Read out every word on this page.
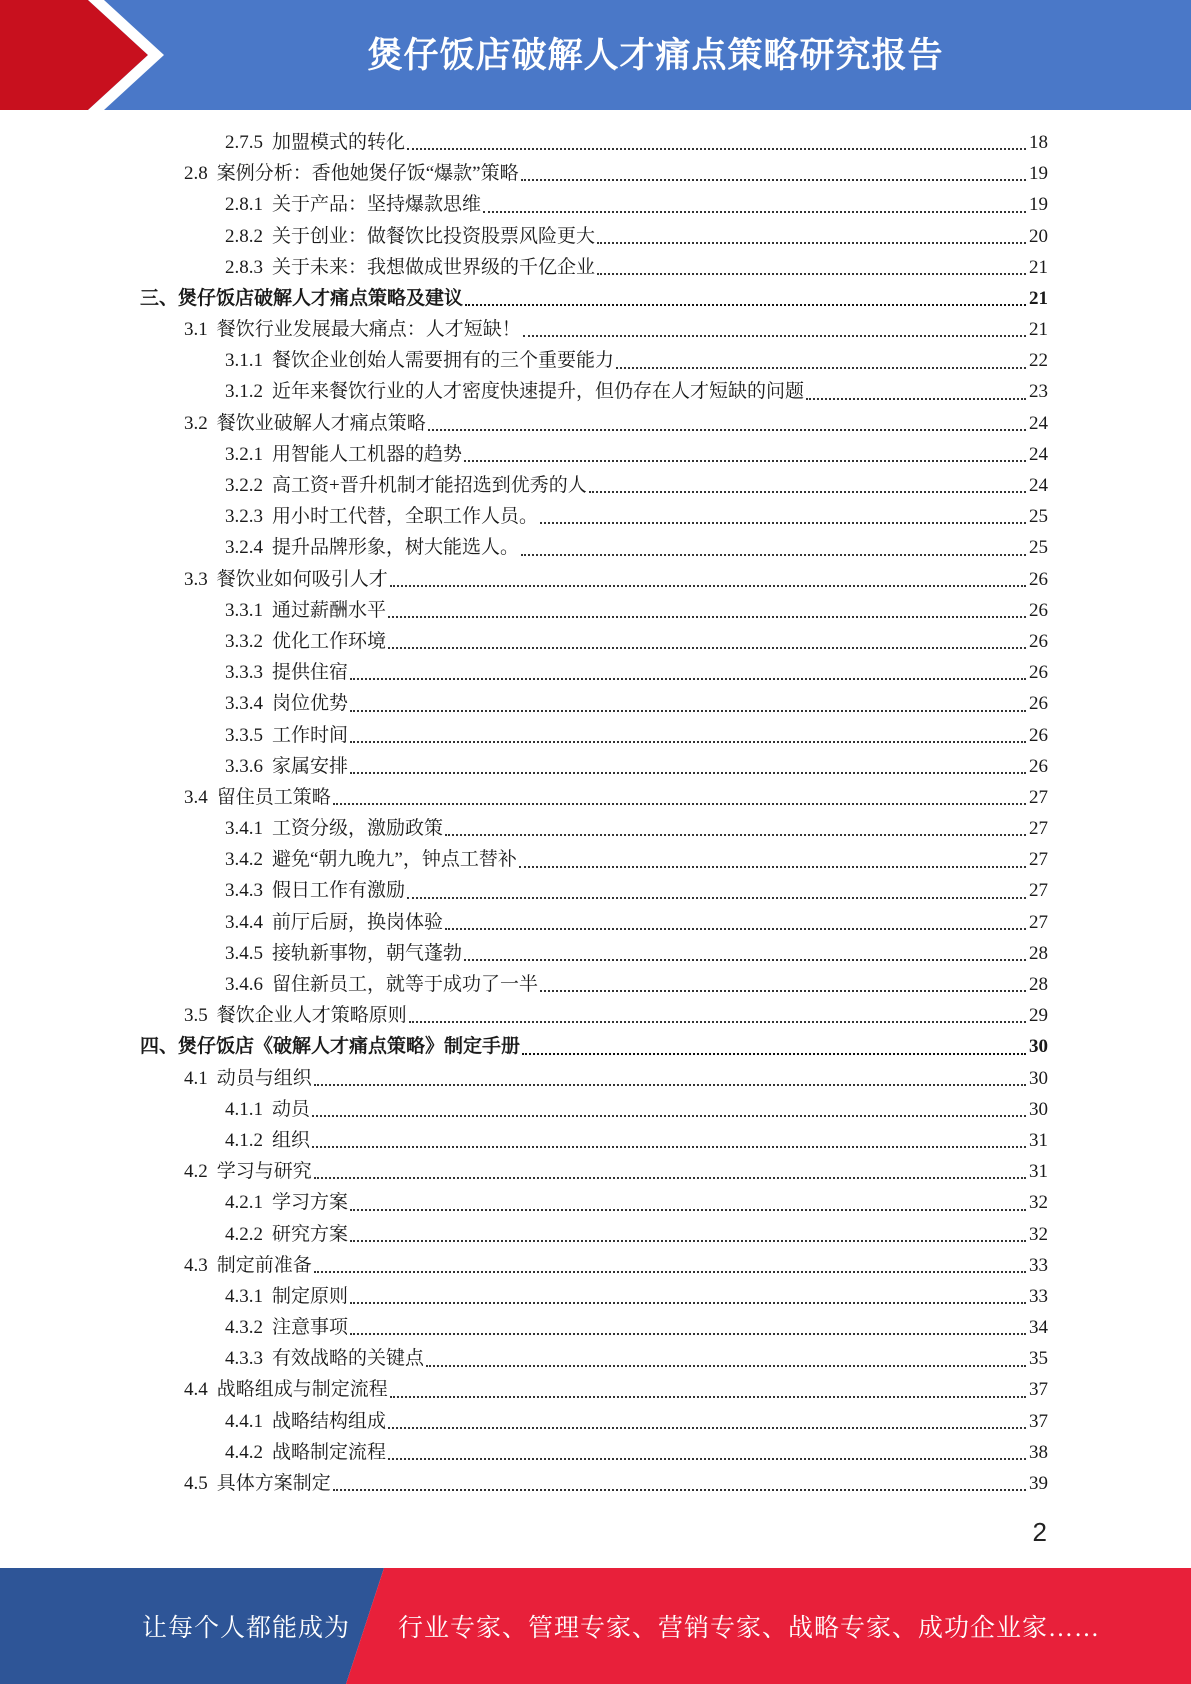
煲仔饭店破解人才痛点策略研究报告
2.7.5 加盟模式的转化	18
2.8 案例分析：香他她煲仔饭“爆款”策略	19
2.8.1 关于产品：坚持爆款思维	19
2.8.2 关于创业：做餐饮比投资股票风险更大	20
2.8.3 关于未来：我想做成世界级的千亿企业	21
三、煲仔饭店破解人才痛点策略及建议	21
3.1 餐饮行业发展最大痛点：人才短缺！	21
3.1.1 餐饮企业创始人需要拥有的三个重要能力	22
3.1.2 近年来餐饮行业的人才密度快速提升，但仍存在人才短缺的问题	23
3.2 餐饮业破解人才痛点策略	24
3.2.1 用智能人工机器的趋势	24
3.2.2 高工资+晋升机制才能招选到优秀的人	24
3.2.3 用小时工代替，全职工作人员。	25
3.2.4 提升品牌形象，树大能选人。	25
3.3 餐饮业如何吸引人才	26
3.3.1 通过薪酬水平	26
3.3.2 优化工作环境	26
3.3.3 提供住宿	26
3.3.4 岗位优势	26
3.3.5 工作时间	26
3.3.6 家属安排	26
3.4 留住员工策略	27
3.4.1 工资分级，激励政策	27
3.4.2 避免“朝九晚九”，钟点工替补	27
3.4.3 假日工作有激励	27
3.4.4 前厅后厨，换岗体验	27
3.4.5 接轨新事物，朝气蓬勃	28
3.4.6 留住新员工，就等于成功了一半	28
3.5 餐饮企业人才策略原则	29
四、煲仔饭店《破解人才痛点策略》制定手册	30
4.1 动员与组织	30
4.1.1 动员	30
4.1.2 组织	31
4.2 学习与研究	31
4.2.1 学习方案	32
4.2.2 研究方案	32
4.3 制定前准备	33
4.3.1 制定原则	33
4.3.2 注意事项	34
4.3.3 有效战略的关键点	35
4.4 战略组成与制定流程	37
4.4.1 战略结构组成	37
4.4.2 战略制定流程	38
4.5 具体方案制定	39
2
让每个人都能成为 行业专家、管理专家、营销专家、战略专家、成功企业家……
